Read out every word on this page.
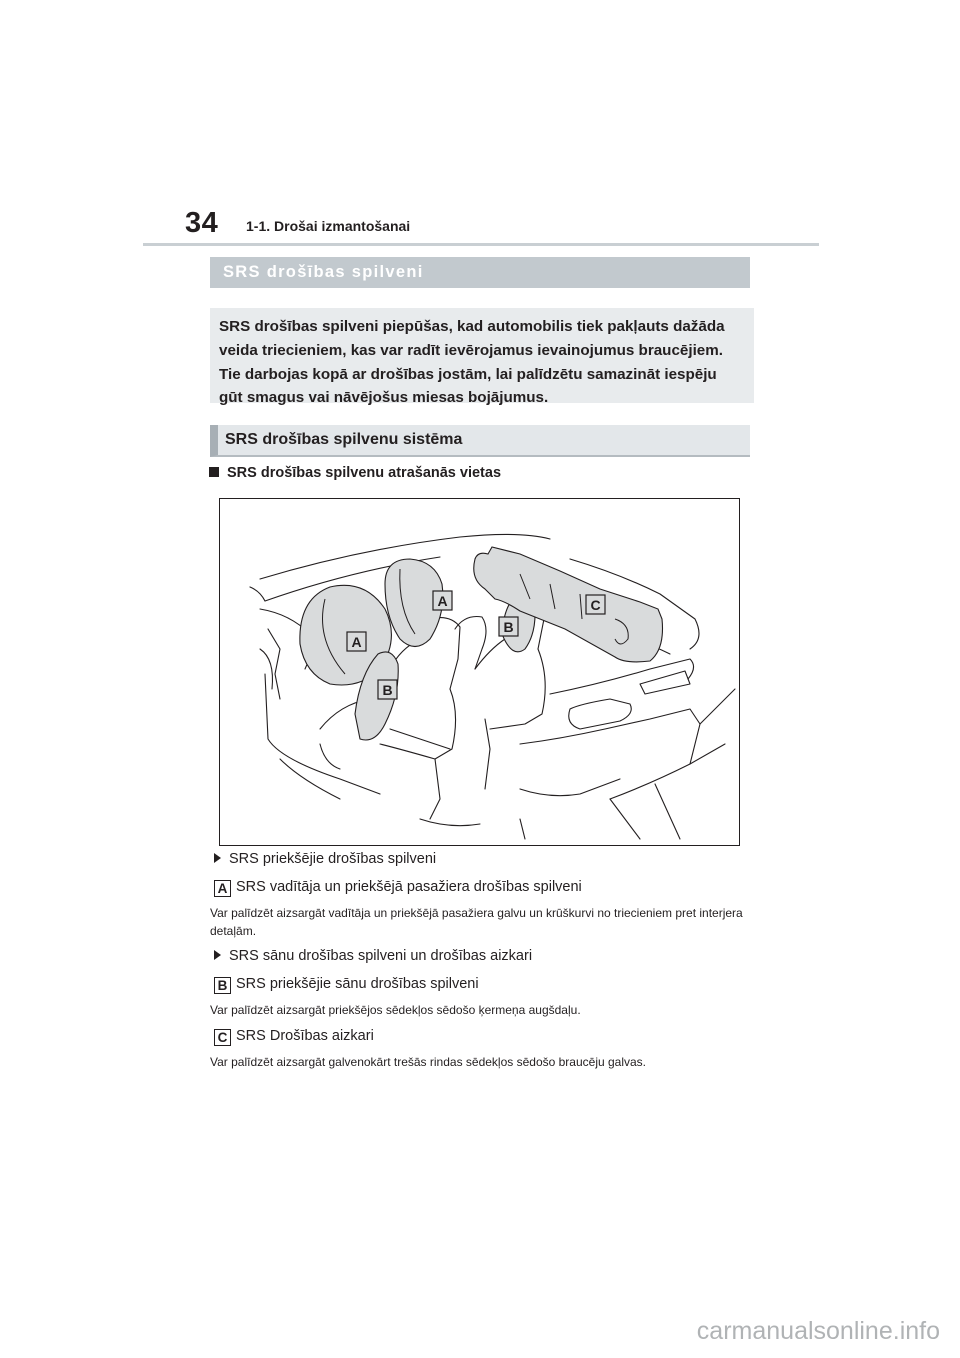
34 1-1. Drošai izmantošanai
SRS drošības spilveni
SRS drošības spilveni piepūšas, kad automobilis tiek pakļauts dažāda veida triecieniem, kas var radīt ievērojamus ievainojumus braucējiem. Tie darbojas kopā ar drošības jostām, lai palīdzētu samazināt iespēju gūt smagus vai nāvējošus miesas bojājumus.
SRS drošības spilvenu sistēma
SRS drošības spilvenu atrašanās vietas
A
A
B
B
C
SRS priekšējie drošības spilveni
A SRS vadītāja un priekšējā pasažiera drošības spilveni
Var palīdzēt aizsargāt vadītāja un priekšējā pasažiera galvu un krūškurvi no triecieniem pret interjera detaļām.
SRS sānu drošības spilveni un drošības aizkari
B SRS priekšējie sānu drošības spilveni
Var palīdzēt aizsargāt priekšējos sēdekļos sēdošo ķermeņa augšdaļu.
C SRS Drošības aizkari
Var palīdzēt aizsargāt galvenokārt trešās rindas sēdekļos sēdošo braucēju galvas.
carmanualsonline.info
